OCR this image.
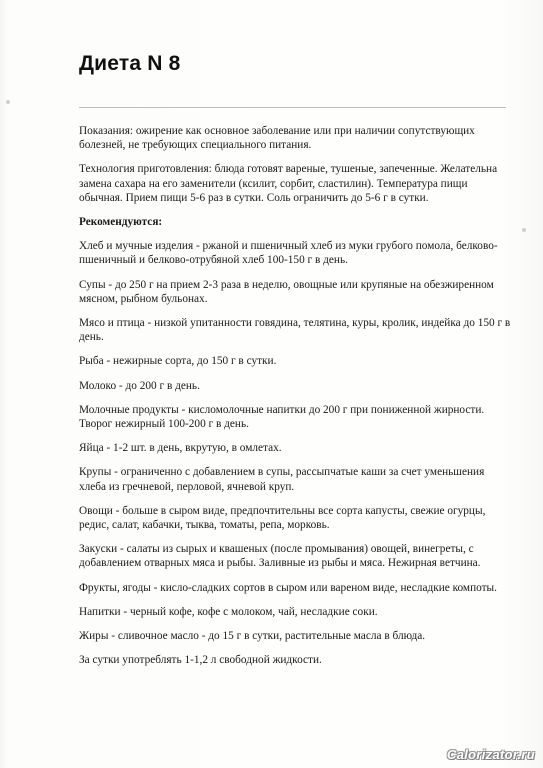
Диета N 8

Показания: ожирение как основное заболевание или при наличии сопутствующих болезней, не требующих специального питания.

Технология приготовления: блюда готовят вареные, тушеные, запеченные. Желательна замена сахара на его заменители (ксилит, сорбит, сластилин). Температура пищи обычная. Прием пищи 5-6 раз в сутки. Соль ограничить до 5-6 г в сутки.

Рекомендуются:

Хлеб и мучные изделия - ржаной и пшеничный хлеб из муки грубого помола, белково-пшеничный и белково-отрубяной хлеб 100-150 г в день.

Супы - до 250 г на прием 2-3 раза в неделю, овощные или крупяные на обезжиренном мясном, рыбном бульонах.

Мясо и птица - низкой упитанности говядина, телятина, куры, кролик, индейка до 150 г в день.

Рыба - нежирные сорта, до 150 г в сутки.

Молоко - до 200 г в день.

Молочные продукты - кисломолочные напитки до 200 г при пониженной жирности. Творог нежирный 100-200 г в день.

Яйца - 1-2 шт. в день, вкрутую, в омлетах.

Крупы - ограниченно с добавлением в супы, рассыпчатые каши за счет уменьшения хлеба из гречневой, перловой, ячневой круп.

Овощи - больше в сыром виде, предпочтительны все сорта капусты, свежие огурцы, редис, салат, кабачки, тыква, томаты, репа, морковь.

Закуски - салаты из сырых и квашеных (после промывания) овощей, винегреты, с добавлением отварных мяса и рыбы. Заливные из рыбы и мяса. Нежирная ветчина.

Фрукты, ягоды - кисло-сладких сортов в сыром или вареном виде, несладкие компоты.

Напитки - черный кофе, кофе с молоком, чай, несладкие соки.

Жиры - сливочное масло - до 15 г в сутки, растительные масла в блюда.

За сутки употреблять 1-1,2 л свободной жидкости.

Calorizator.ru
